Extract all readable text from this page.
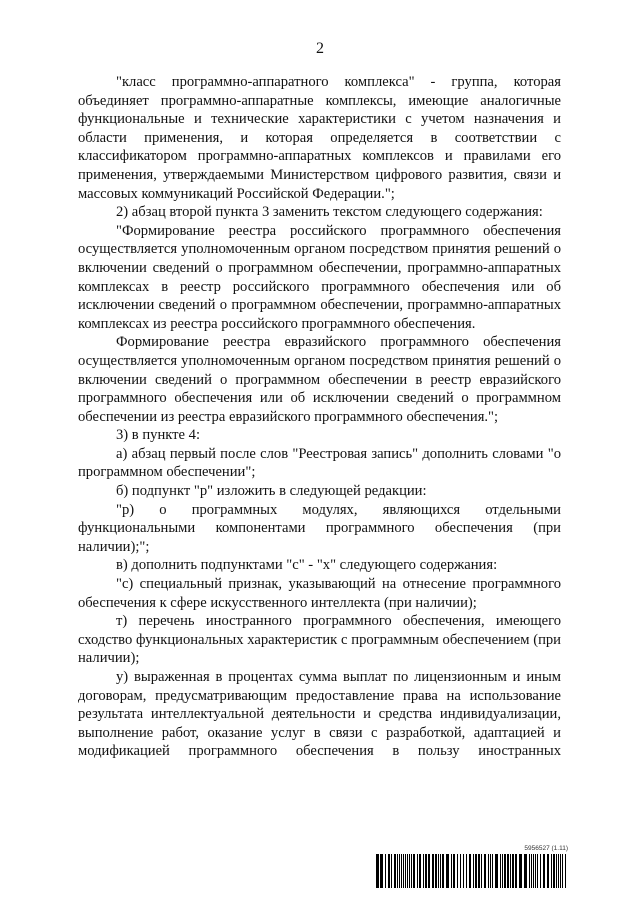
2

"класс программно-аппаратного комплекса" - группа, которая объединяет программно-аппаратные комплексы, имеющие аналогичные функциональные и технические характеристики с учетом назначения и области применения, и которая определяется в соответствии с классификатором программно-аппаратных комплексов и правилами его применения, утверждаемыми Министерством цифрового развития, связи и массовых коммуникаций Российской Федерации.";

2) абзац второй пункта 3 заменить текстом следующего содержания:

"Формирование реестра российского программного обеспечения осуществляется уполномоченным органом посредством принятия решений о включении сведений о программном обеспечении, программно-аппаратных комплексах в реестр российского программного обеспечения или об исключении сведений о программном обеспечении, программно-аппаратных комплексах из реестра российского программного обеспечения.

Формирование реестра евразийского программного обеспечения осуществляется уполномоченным органом посредством принятия решений о включении сведений о программном обеспечении в реестр евразийского программного обеспечения или об исключении сведений о программном обеспечении из реестра евразийского программного обеспечения.";

3) в пункте 4:

а) абзац первый после слов "Реестровая запись" дополнить словами "о программном обеспечении";

б) подпункт "р" изложить в следующей редакции:

"р) о программных модулях, являющихся отдельными функциональными компонентами программного обеспечения (при наличии);";

в) дополнить подпунктами "с" - "х" следующего содержания:

"с) специальный признак, указывающий на отнесение программного обеспечения к сфере искусственного интеллекта (при наличии);

т) перечень иностранного программного обеспечения, имеющего сходство функциональных характеристик с программным обеспечением (при наличии);

у) выраженная в процентах сумма выплат по лицензионным и иным договорам, предусматривающим предоставление права на использование результата интеллектуальной деятельности и средства индивидуализации, выполнение работ, оказание услуг в связи с разработкой, адаптацией и модификацией программного обеспечения в пользу иностранных

5956527 (1.11)
